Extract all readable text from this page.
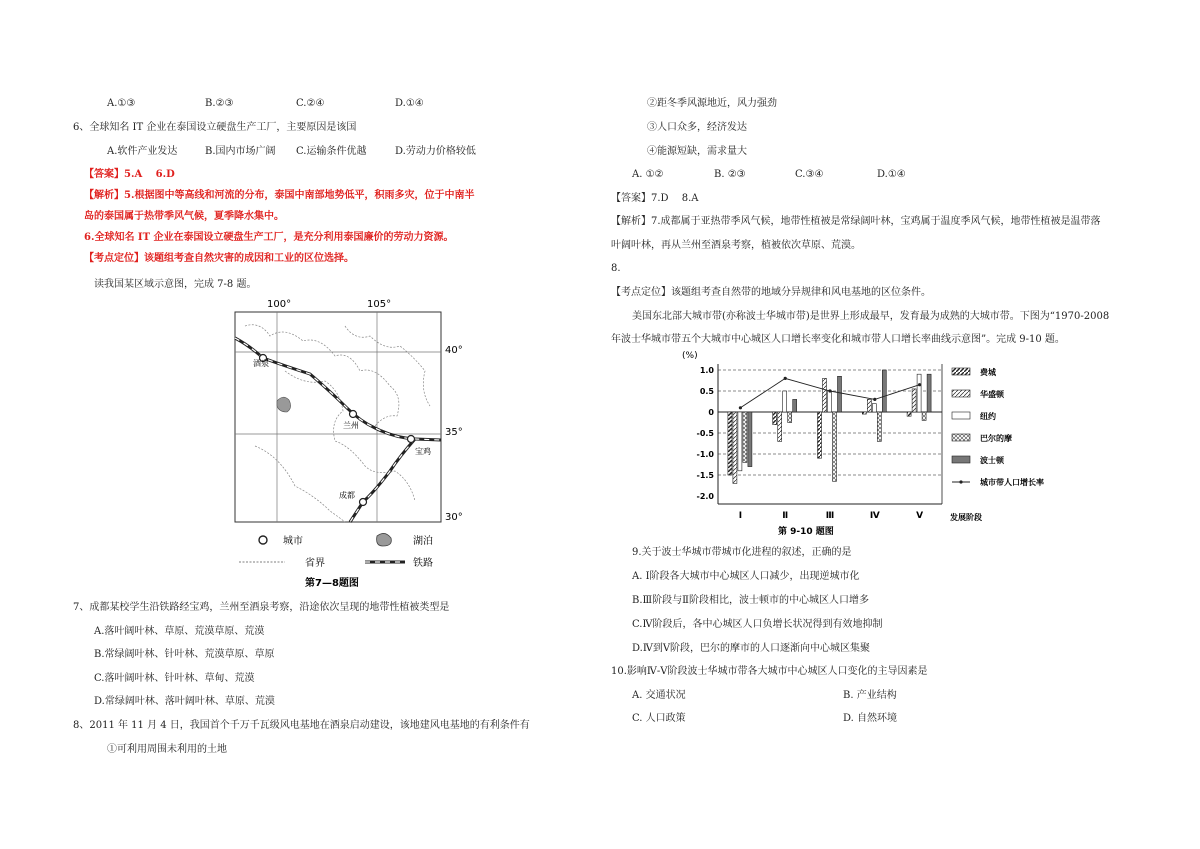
A.①③	B.②③	C.②④	D.①④
6、全球知名 IT 企业在泰国设立硬盘生产工厂，主要原因是该国
A.软件产业发达	B.国内市场广阔 C.运输条件优越	D.劳动力价格较低
【答案】5.A　 6.D
【解析】5.根据图中等高线和河流的分布，泰国中南部地势低平，积雨多灾，位于中南半
岛的泰国属于热带季风气候，夏季降水集中。
6.全球知名 IT 企业在泰国设立硬盘生产工厂，是充分利用泰国廉价的劳动力资源。
【考点定位】该题组考查自然灾害的成因和工业的区位选择。
读我国某区域示意图，完成 7-8 题。
100°	105°
40°
35°
30°
酒泉
兰州
宝鸡
成都
城市	湖泊
省界	铁路
第7—8题图
7、成都某校学生沿铁路经宝鸡，兰州至酒泉考察，沿途依次呈现的地带性植被类型是
A.落叶阔叶林、草原、荒漠草原、荒漠
B.常绿阔叶林、针叶林、荒漠草原、草原
C.落叶阔叶林、针叶林、草甸、荒漠
D.常绿阔叶林、落叶阔叶林、草原、荒漠
8、2011 年 11 月 4 日，我国首个千万千瓦级风电基地在酒泉启动建设，该地建风电基地的有利条件有
①可利用周围未利用的土地
②距冬季风源地近，风力强劲
③人口众多，经济发达
④能源短缺，需求量大
A. ①②	B. ②③	C.③④	D.①④
【答案】7.D　 8.A
【解析】7.成都属于亚热带季风气候，地带性植被是常绿阔叶林，宝鸡属于温度季风气候，地带性植被是温带落
叶阔叶林，再从兰州至酒泉考察，植被依次草原、荒漠。
8.
【考点定位】该题组考查自然带的地域分异规律和风电基地的区位条件。
美国东北部大城市带(亦称波士华城市带)是世界上形成最早，发育最为成熟的大城市带。下图为“1970-2008
年波士华城市带五个大城市中心城区人口增长率变化和城市带人口增长率曲线示意图”。完成 9-10 题。
(%)
1.0
0.5
0
-0.5
-1.0
-1.5
-2.0
Ⅰ	Ⅱ	Ⅲ	Ⅳ	Ⅴ	发展阶段
第 9-10 题图
费城
华盛顿
纽约
巴尔的摩
波士顿
城市带人口增长率
9.关于波士华城市带城市化进程的叙述，正确的是
A. Ⅰ阶段各大城市中心城区人口减少，出现逆城市化
B.Ⅲ阶段与Ⅱ阶段相比，波士顿市的中心城区人口增多
C.Ⅳ阶段后，各中心城区人口负增长状况得到有效地抑制
D.Ⅳ到Ⅴ阶段，巴尔的摩市的人口逐渐向中心城区集聚
10.影响Ⅳ-Ⅴ阶段波士华城市带各大城市中心城区人口变化的主导因素是
A. 交通状况	B. 产业结构
C. 人口政策	D. 自然环境
